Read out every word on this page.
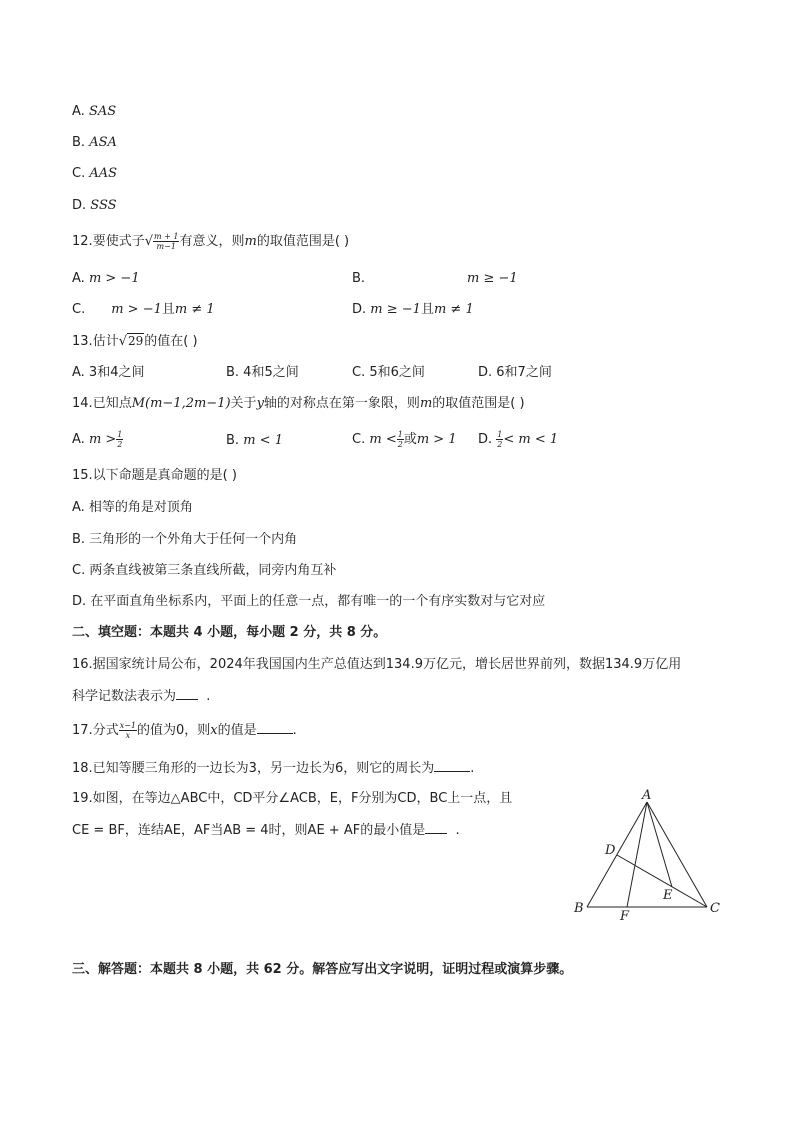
A. SAS
B. ASA
C. AAS
D. SSS
12.要使式子√ $\frac{m + 1}{m-1}$ 有意义，则m的取值范围是( )
A. m > −1	B.	m ≥ −1
C. m > −1且m ≠ 1	D. m ≥ −1且m ≠ 1
13.估计√29的值在( )
A. 3和4之间	B. 4和5之间	C. 5和6之间	D. 6和7之间
14.已知点M(m−1,2m−1)关于y轴的对称点在第一象限，则m的取值范围是( )
A. $m > \frac{1}{2}$	B. m < 1	C. $m < \frac{1}{2}$ 或m > 1 D. $\frac{1}{2} < m < 1$
15.以下命题是真命题的是( )
A. 相等的角是对顶角
B. 三角形的一个外角大于任何一个内角
C. 两条直线被第三条直线所截，同旁内角互补
D. 在平面直角坐标系内，平面上的任意一点，都有唯一的一个有序实数对与它对应
二、填空题：本题共 4 小题，每小题 2 分，共 8 分。
16.据国家统计局公布，2024年我国国内生产总值达到134.9万亿元，增长居世界前列，数据134.9万亿用
科学记数法表示为 .
17.分式 $\frac{x-1}{x}$ 的值为0，则x的值是	.
18.已知等腰三角形的一边长为3，另一边长为6，则它的周长为	.
19.如图，在等边△ABC中，CD平分∠ACB，E，F分别为CD，BC上一点，且
CE = BF，连结AE，AF当AB = 4时，则AE + AF的最小值是 .
A
B	C
D
E
F
三、解答题：本题共 8 小题，共 62 分。解答应写出文字说明，证明过程或演算步骤。
